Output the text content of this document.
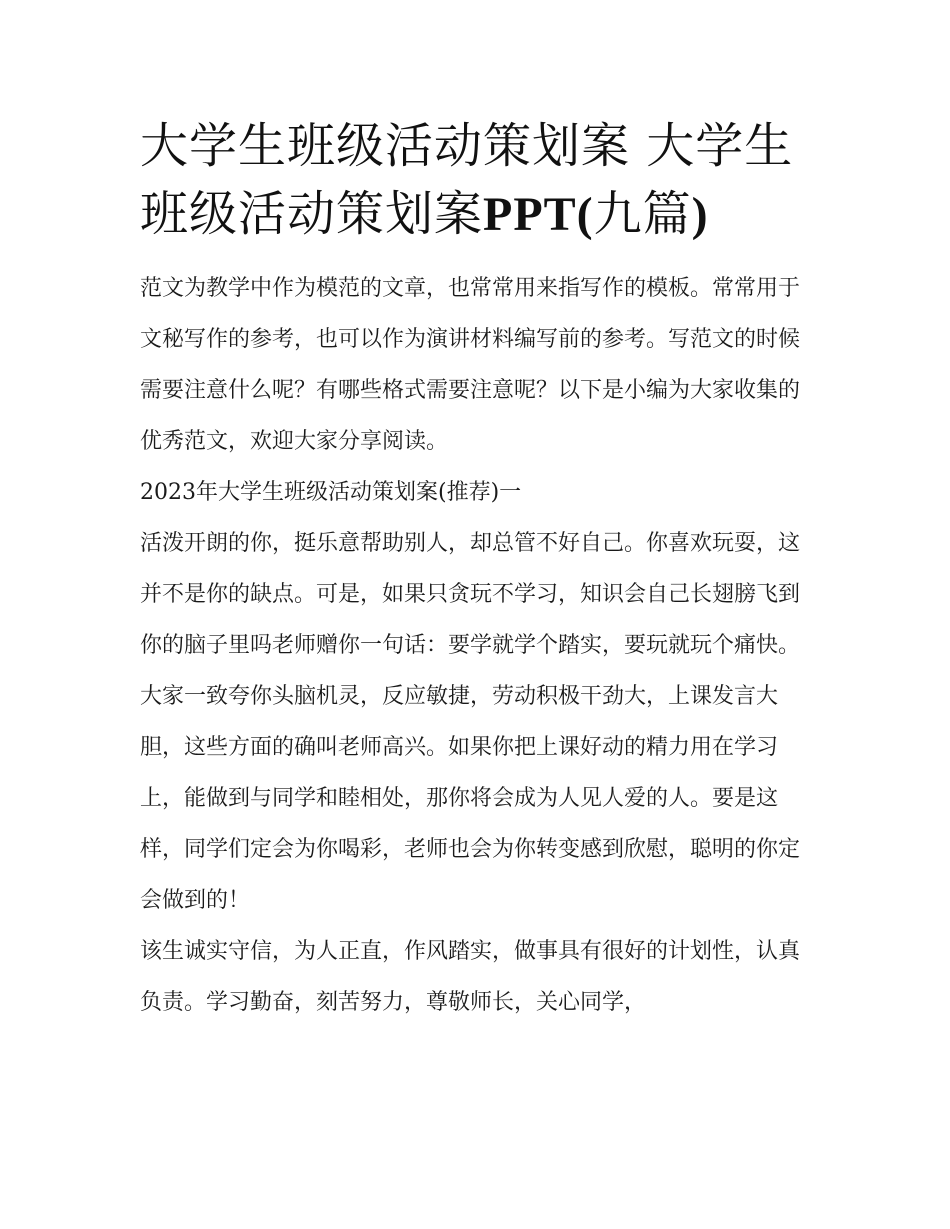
大学生班级活动策划案 大学生班级活动策划案PPT(九篇)

范文为教学中作为模范的文章，也常常用来指写作的模板。常常用于文秘写作的参考，也可以作为演讲材料编写前的参考。写范文的时候需要注意什么呢？有哪些格式需要注意呢？以下是小编为大家收集的优秀范文，欢迎大家分享阅读。

2023年大学生班级活动策划案(推荐)一

活泼开朗的你，挺乐意帮助别人，却总管不好自己。你喜欢玩耍，这并不是你的缺点。可是，如果只贪玩不学习，知识会自己长翅膀飞到你的脑子里吗老师赠你一句话：要学就学个踏实，要玩就玩个痛快。

大家一致夸你头脑机灵，反应敏捷，劳动积极干劲大，上课发言大胆，这些方面的确叫老师高兴。如果你把上课好动的精力用在学习上，能做到与同学和睦相处，那你将会成为人见人爱的人。要是这样，同学们定会为你喝彩，老师也会为你转变感到欣慰，聪明的你定会做到的！

该生诚实守信，为人正直，作风踏实，做事具有很好的计划性，认真负责。学习勤奋，刻苦努力，尊敬师长，关心同学，
